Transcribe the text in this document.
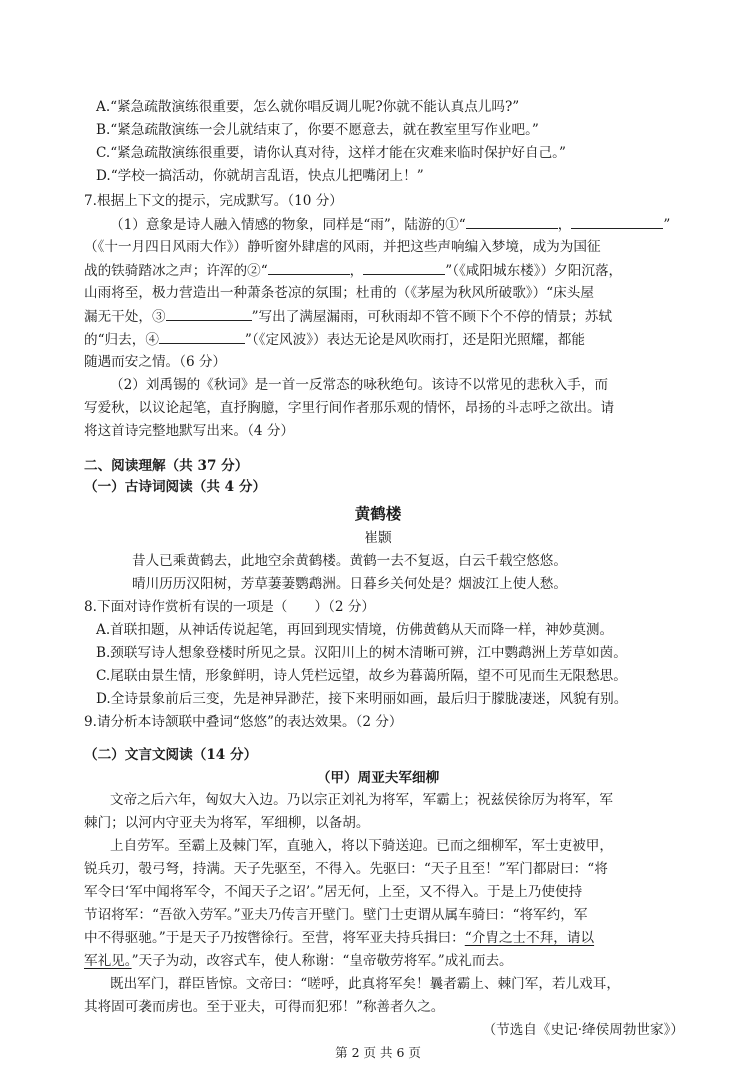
A.“紧急疏散演练很重要，怎么就你唱反调儿呢?你就不能认真点儿吗?”
B.“紧急疏散演练一会儿就结束了，你要不愿意去，就在教室里写作业吧。”
C.“紧急疏散演练很重要，请你认真对待，这样才能在灾难来临时保护好自己。”
D.“学校一搞活动，你就胡言乱语，快点儿把嘴闭上！”
7.根据上下文的提示，完成默写。（10 分）
（1）意象是诗人融入情感的物象，同样是“雨”，陆游的①“	，	”
（《十一月四日风雨大作》）静听窗外肆虐的风雨，并把这些声响编入梦境，成为为国征
战的铁骑踏冰之声；许浑的②“	，	”（《咸阳城东楼》）夕阳沉落，
山雨将至，极力营造出一种萧条苍凉的氛围；杜甫的（《茅屋为秋风所破歌》）“床头屋
漏无干处，③	”写出了满屋漏雨，可秋雨却不管不顾下个不停的情景；苏轼
的“归去，④	”（《定风波》）表达无论是风吹雨打，还是阳光照耀，都能
随遇而安之情。（6 分）
（2）刘禹锡的《秋词》是一首一反常态的咏秋绝句。该诗不以常见的悲秋入手，而
写爱秋，以议论起笔，直抒胸臆，字里行间作者那乐观的情怀，昂扬的斗志呼之欲出。请
将这首诗完整地默写出来。（4 分）
二、阅读理解（共 37 分）
（一）古诗词阅读（共 4 分）
黄鹤楼
崔颢
昔人已乘黄鹤去，此地空余黄鹤楼。黄鹤一去不复返，白云千载空悠悠。
晴川历历汉阳树，芳草萋萋鹦鹉洲。日暮乡关何处是？烟波江上使人愁。
8.下面对诗作赏析有误的一项是（　　）（2 分）
A.首联扣题，从神话传说起笔，再回到现实情境，仿佛黄鹤从天而降一样，神妙莫测。
B.颈联写诗人想象登楼时所见之景。汉阳川上的树木清晰可辨，江中鹦鹉洲上芳草如茵。
C.尾联由景生情，形象鲜明，诗人凭栏远望，故乡为暮蔼所隔，望不可见而生无限愁思。
D.全诗景象前后三变，先是神异渺茫，接下来明丽如画，最后归于朦胧凄迷，风貌有别。
9.请分析本诗颔联中叠词“悠悠”的表达效果。（2 分）
（二）文言文阅读（14 分）
（甲）周亚夫军细柳
文帝之后六年，匈奴大入边。乃以宗正刘礼为将军，军霸上；祝兹侯徐厉为将军，军
棘门；以河内守亚夫为将军，军细柳，以备胡。
上自劳军。至霸上及棘门军，直驰入，将以下骑送迎。已而之细柳军，军士吏被甲，
锐兵刃，彀弓弩，持满。天子先驱至，不得入。先驱曰：“天子且至！”军门都尉曰：“将
军令曰‘军中闻将军令，不闻天子之诏’。”居无何，上至，又不得入。于是上乃使使持
节诏将军：“吾欲入劳军。”亚夫乃传言开壁门。壁门士吏谓从属车骑曰：“将军约，军
中不得驱驰。”于是天子乃按辔徐行。至营，将军亚夫持兵揖曰：“介胄之士不拜，请以
军礼见。”天子为动，改容式车，使人称谢：“皇帝敬劳将军。”成礼而去。
既出军门，群臣皆惊。文帝曰：“嗟呼，此真将军矣！曩者霸上、棘门军，若儿戏耳，
其将固可袭而虏也。至于亚夫，可得而犯邪！”称善者久之。
（节选自《史记·绛侯周勃世家》）
第 2 页 共 6 页
